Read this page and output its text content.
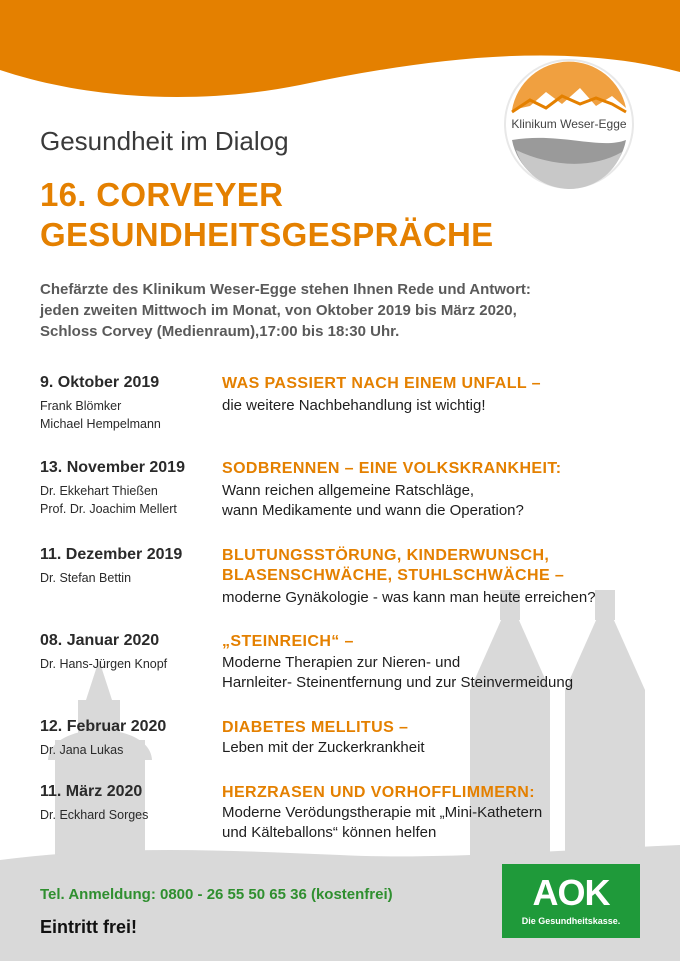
Klinikum Weser-Egge
Gesundheit im Dialog
16. CORVEYER
GESUNDHEITSGESPRÄCHE
Chefärzte des Klinikum Weser-Egge stehen Ihnen Rede und Antwort:
jeden zweiten Mittwoch im Monat, von Oktober 2019 bis März 2020,
Schloss Corvey (Medienraum),17:00 bis 18:30 Uhr.
9. Oktober 2019
Frank Blömker
Michael Hempelmann
WAS PASSIERT NACH EINEM UNFALL –
die weitere Nachbehandlung ist wichtig!
13. November 2019
Dr. Ekkehart Thießen
Prof. Dr. Joachim Mellert
SODBRENNEN – EINE VOLKSKRANKHEIT:
Wann reichen allgemeine Ratschläge,
wann Medikamente und wann die Operation?
11. Dezember 2019
Dr. Stefan Bettin
BLUTUNGSSTÖRUNG, KINDERWUNSCH,
BLASENSCHWÄCHE, STUHLSCHWÄCHE –
moderne Gynäkologie - was kann man heute erreichen?
08. Januar 2020
Dr. Hans-Jürgen Knopf
„STEINREICH“ –
Moderne Therapien zur Nieren- und
Harnleiter- Steinentfernung und zur Steinvermeidung
12. Februar 2020
Dr. Jana Lukas
DIABETES MELLITUS –
Leben mit der Zuckerkrankheit
11. März 2020
Dr. Eckhard Sorges
HERZRASEN UND VORHOFFLIMMERN:
Moderne Verödungstherapie mit „Mini-Kathetern
und Kälteballons“ können helfen
Tel. Anmeldung: 0800 - 26 55 50 65 36 (kostenfrei)
Eintritt frei!
AOK
Die Gesundheitskasse.
